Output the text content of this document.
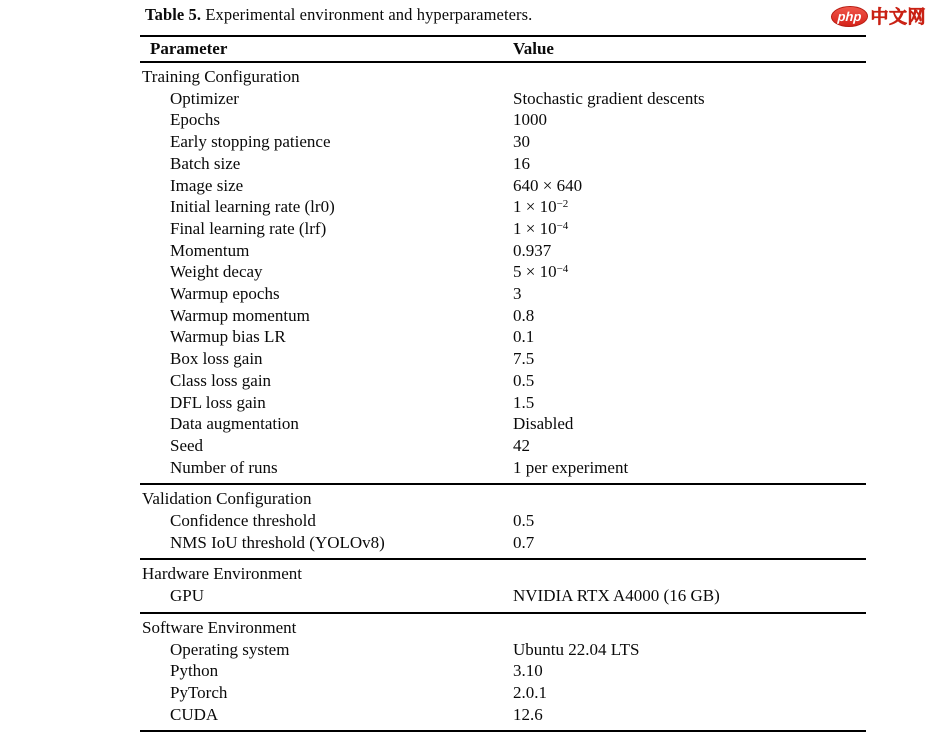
Table 5. Experimental environment and hyperparameters.	php 中文网
Parameter	Value
Training Configuration
Optimizer	Stochastic gradient descents
Epochs	1000
Early stopping patience	30
Batch size	16
Image size	640 × 640
Initial learning rate (lr0)	$1 \times 10^{-2}$
Final learning rate (lrf)	$1 \times 10^{-4}$
Momentum	0.937
Weight decay	$5 \times 10^{-4}$
Warmup epochs	3
Warmup momentum	0.8
Warmup bias LR	0.1
Box loss gain	7.5
Class loss gain	0.5
DFL loss gain	1.5
Data augmentation	Disabled
Seed	42
Number of runs	1 per experiment
Validation Configuration
Confidence threshold	0.5
NMS IoU threshold (YOLOv8)	0.7
Hardware Environment
GPU	NVIDIA RTX A4000 (16 GB)
Software Environment
Operating system	Ubuntu 22.04 LTS
Python	3.10
PyTorch	2.0.1
CUDA	12.6
